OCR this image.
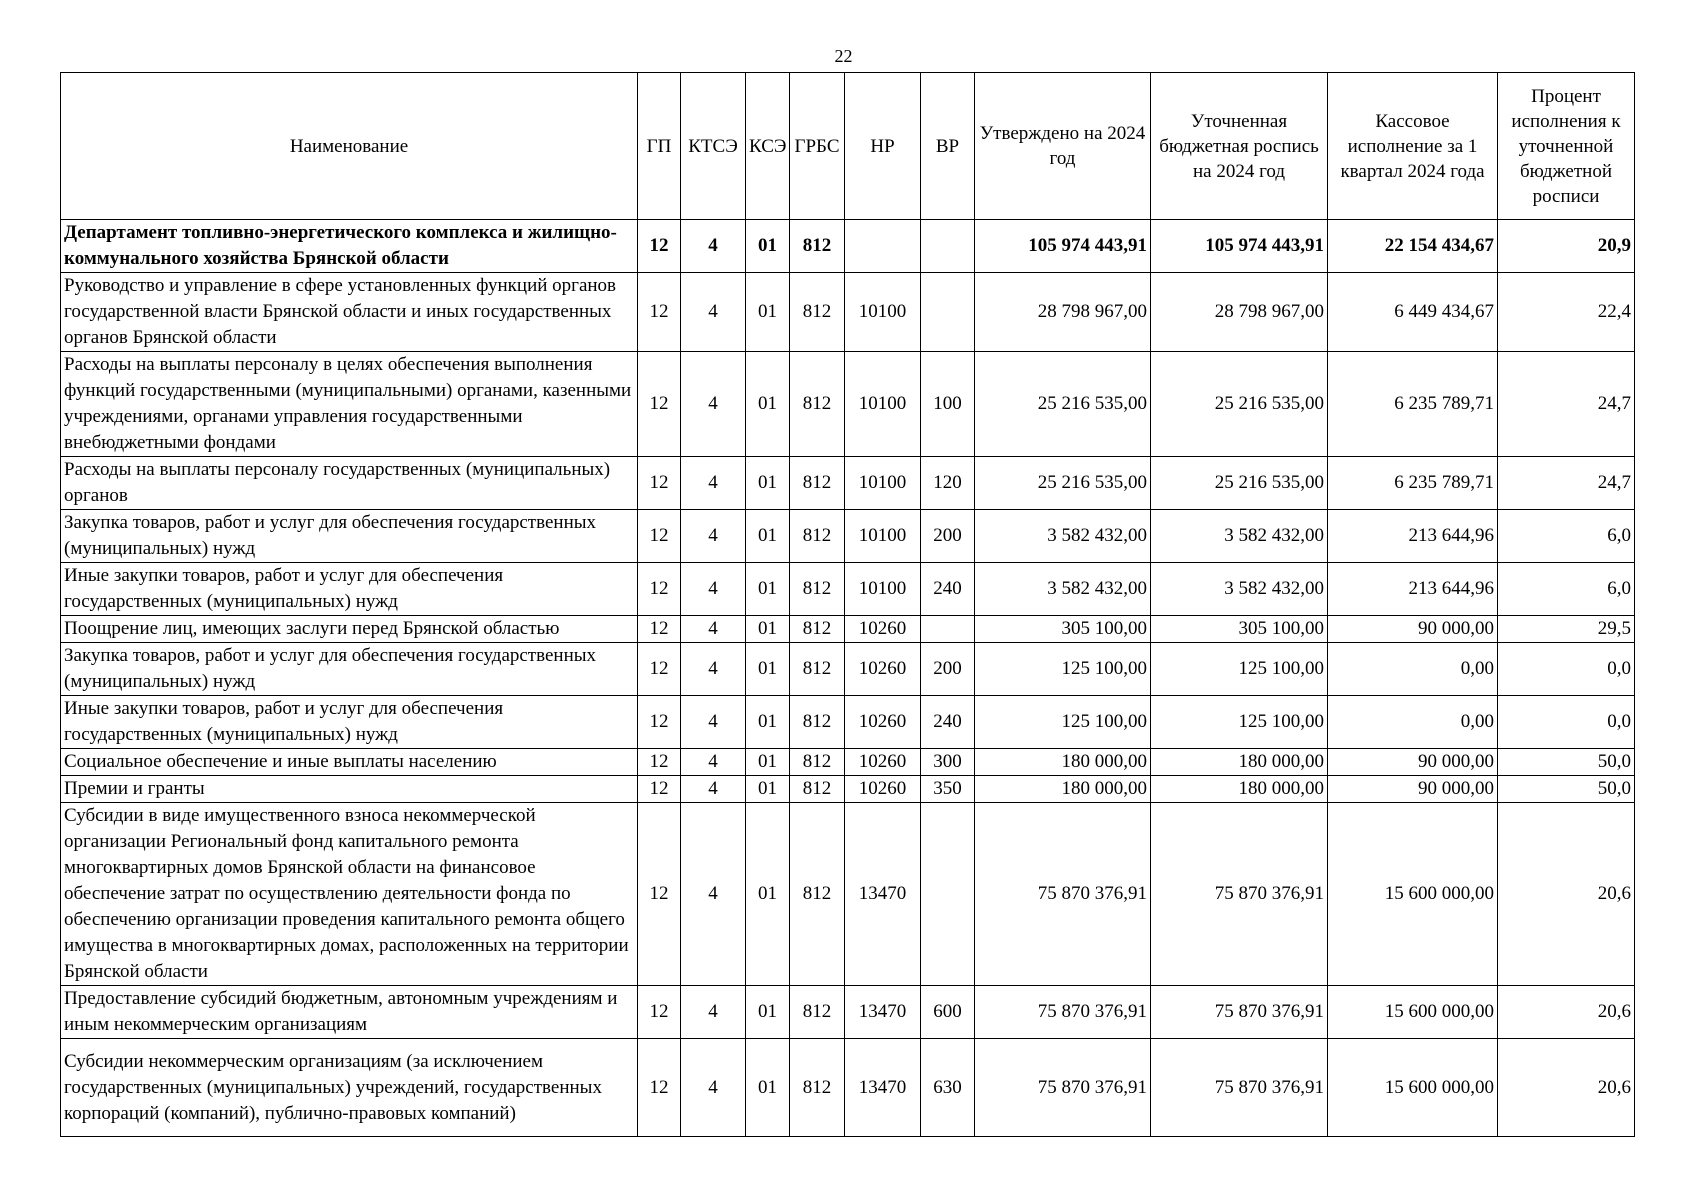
22
Наименование	ГП	КТСЭ	КСЭ	ГРБС	НР	ВР	Утверждено на 2024 год	Уточненная бюджетная роспись на 2024 год	Кассовое исполнение за 1 квартал 2024 года	Процент исполнения к уточненной бюджетной росписи
Департамент топливно-энергетического комплекса и жилищно-коммунального хозяйства Брянской области	12	4	01	812			105 974 443,91	105 974 443,91	22 154 434,67	20,9
Руководство и управление в сфере установленных функций органов государственной власти Брянской области и иных государственных органов Брянской области	12	4	01	812	10100		28 798 967,00	28 798 967,00	6 449 434,67	22,4
Расходы на выплаты персоналу в целях обеспечения выполнения функций государственными (муниципальными) органами, казенными учреждениями, органами управления государственными внебюджетными фондами	12	4	01	812	10100	100	25 216 535,00	25 216 535,00	6 235 789,71	24,7
Расходы на выплаты персоналу государственных (муниципальных) органов	12	4	01	812	10100	120	25 216 535,00	25 216 535,00	6 235 789,71	24,7
Закупка товаров, работ и услуг для обеспечения государственных (муниципальных) нужд	12	4	01	812	10100	200	3 582 432,00	3 582 432,00	213 644,96	6,0
Иные закупки товаров, работ и услуг для обеспечения государственных (муниципальных) нужд	12	4	01	812	10100	240	3 582 432,00	3 582 432,00	213 644,96	6,0
Поощрение лиц, имеющих заслуги перед Брянской областью	12	4	01	812	10260		305 100,00	305 100,00	90 000,00	29,5
Закупка товаров, работ и услуг для обеспечения государственных (муниципальных) нужд	12	4	01	812	10260	200	125 100,00	125 100,00	0,00	0,0
Иные закупки товаров, работ и услуг для обеспечения государственных (муниципальных) нужд	12	4	01	812	10260	240	125 100,00	125 100,00	0,00	0,0
Социальное обеспечение и иные выплаты населению	12	4	01	812	10260	300	180 000,00	180 000,00	90 000,00	50,0
Премии и гранты	12	4	01	812	10260	350	180 000,00	180 000,00	90 000,00	50,0
Субсидии в виде имущественного взноса некоммерческой организации Региональный фонд капитального ремонта многоквартирных домов Брянской области на финансовое обеспечение затрат по осуществлению деятельности фонда по обеспечению организации проведения капитального ремонта общего имущества в многоквартирных домах, расположенных на территории Брянской области	12	4	01	812	13470		75 870 376,91	75 870 376,91	15 600 000,00	20,6
Предоставление субсидий бюджетным, автономным учреждениям и иным некоммерческим организациям	12	4	01	812	13470	600	75 870 376,91	75 870 376,91	15 600 000,00	20,6
Субсидии некоммерческим организациям (за исключением государственных (муниципальных) учреждений, государственных корпораций (компаний), публично-правовых компаний)	12	4	01	812	13470	630	75 870 376,91	75 870 376,91	15 600 000,00	20,6
